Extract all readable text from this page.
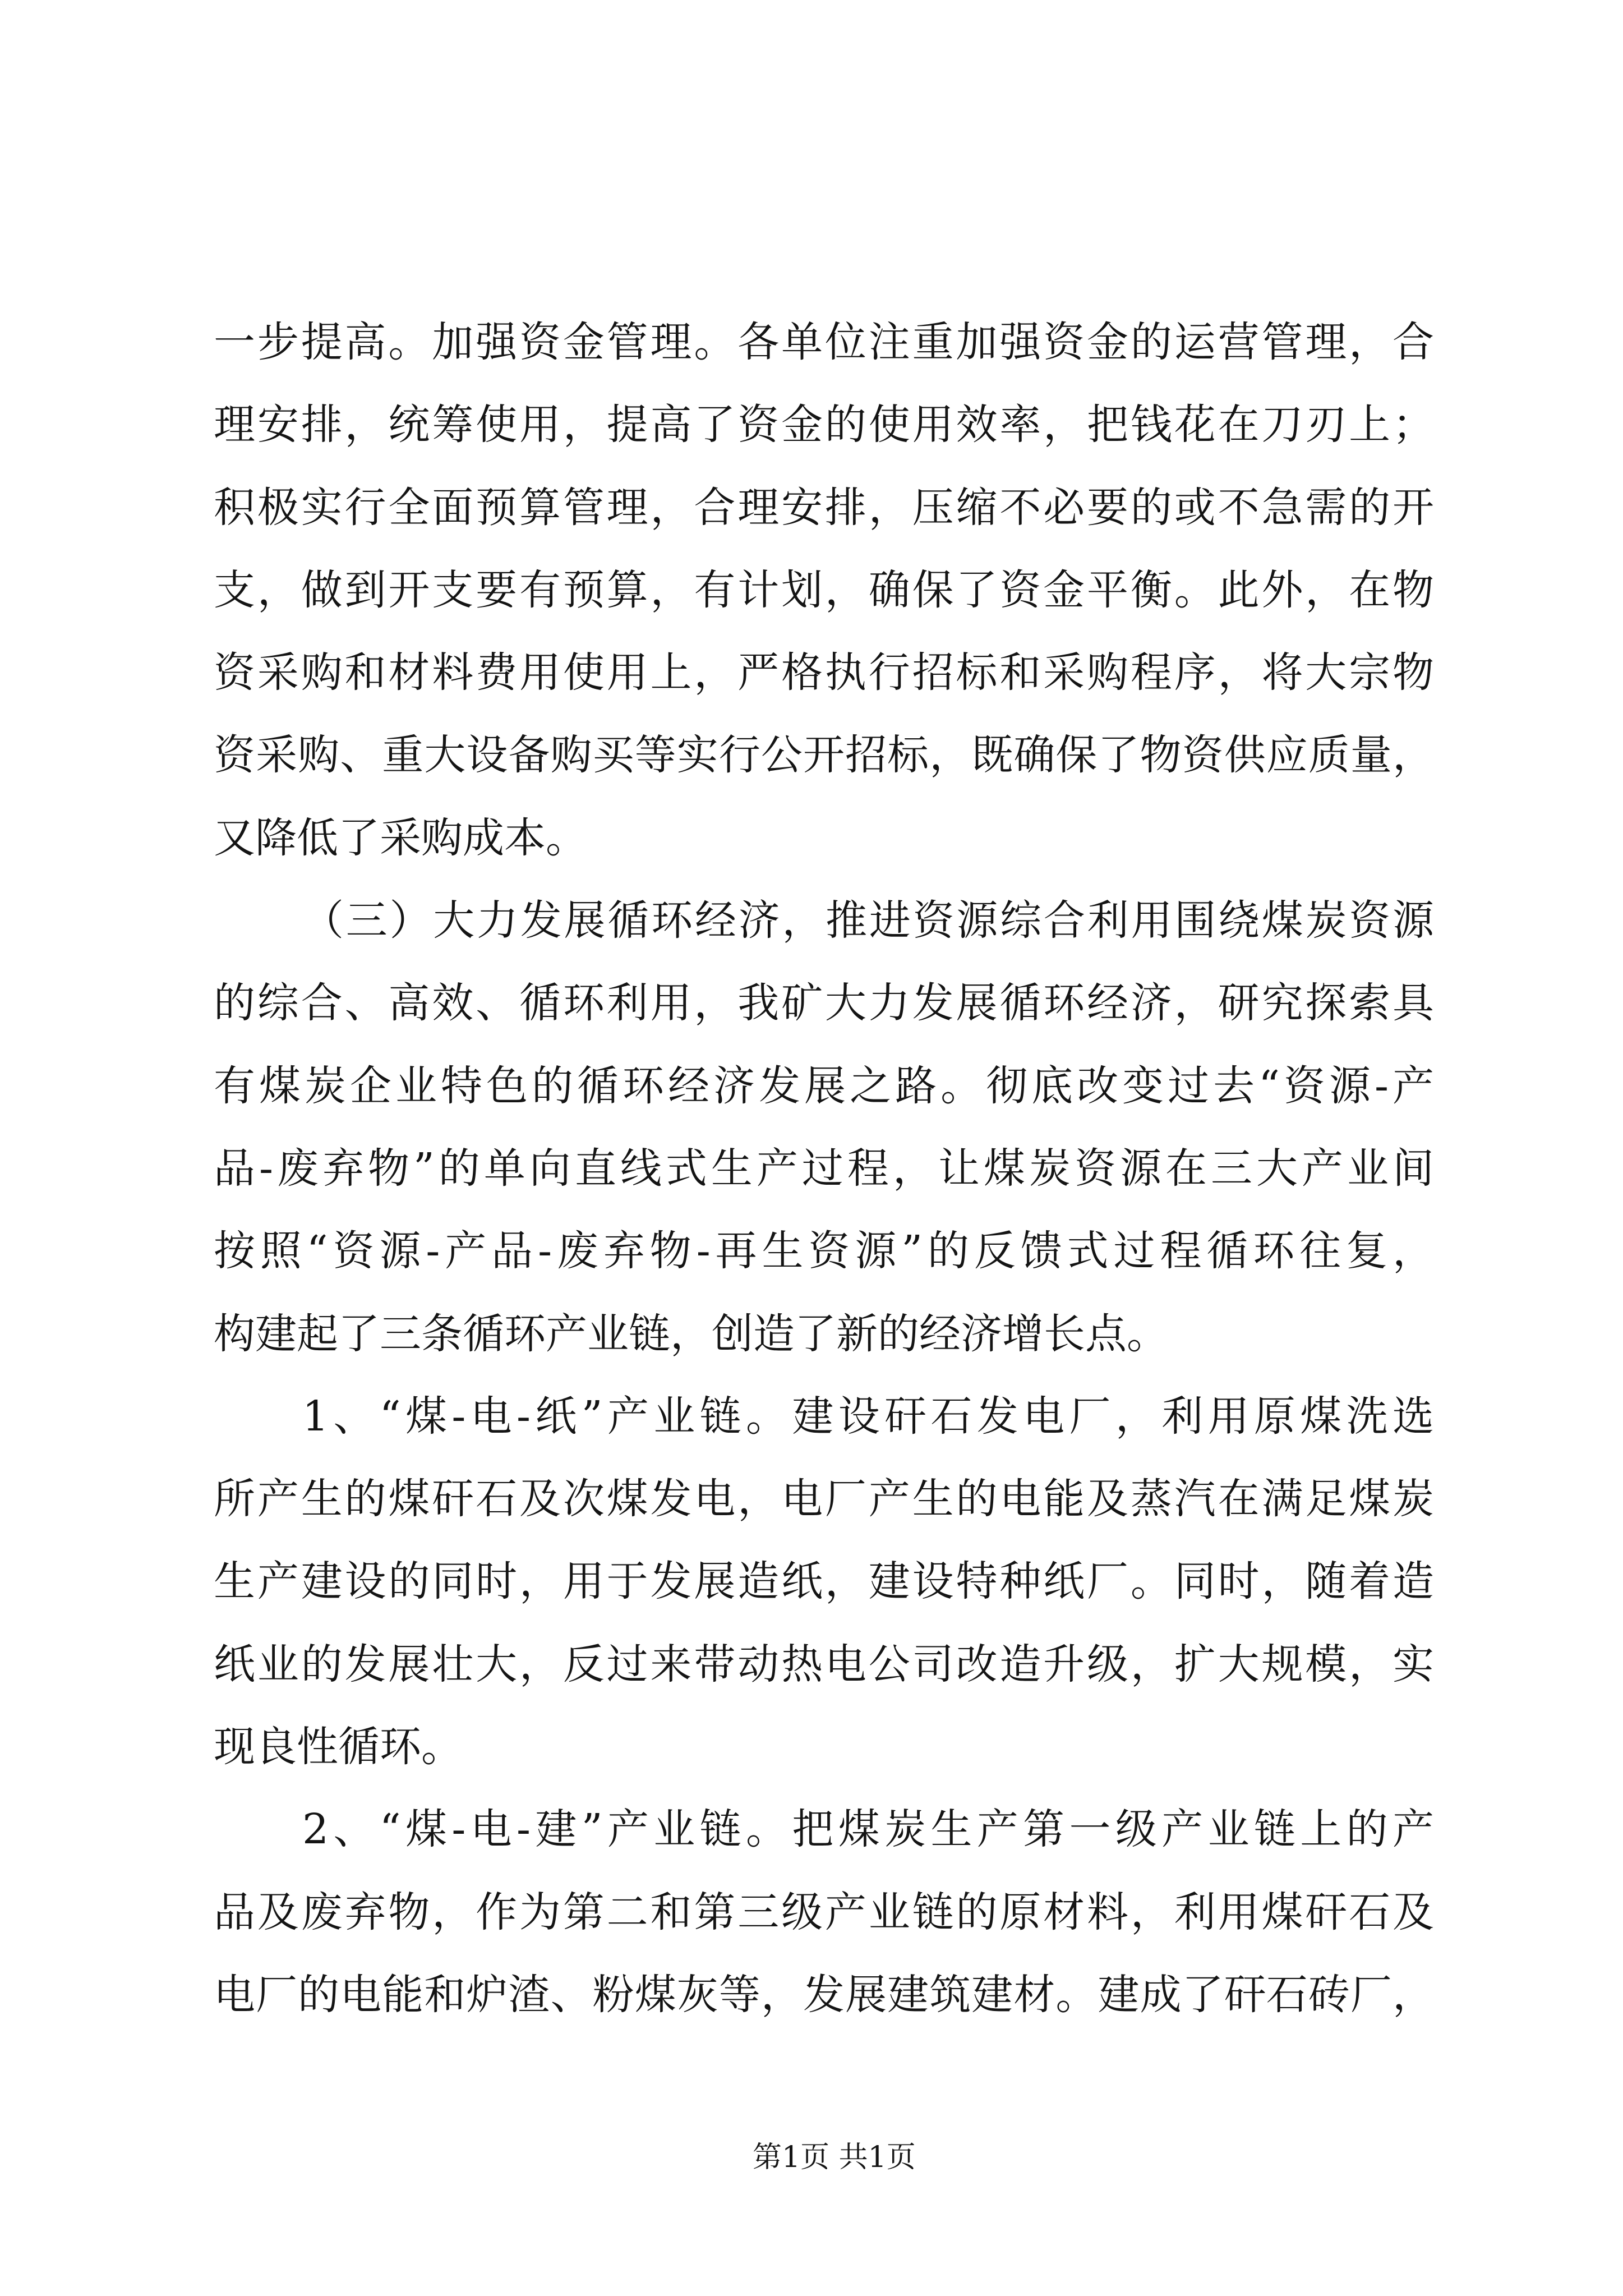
一步提高。加强资金管理。各单位注重加强资金的运营管理，合
理安排，统筹使用，提高了资金的使用效率，把钱花在刀刃上；
积极实行全面预算管理，合理安排，压缩不必要的或不急需的开
支，做到开支要有预算，有计划，确保了资金平衡。此外，在物
资采购和材料费用使用上，严格执行招标和采购程序，将大宗物
资采购、重大设备购买等实行公开招标，既确保了物资供应质量，
又降低了采购成本。
（三）大力发展循环经济，推进资源综合利用围绕煤炭资源
的综合、高效、循环利用，我矿大力发展循环经济，研究探索具
有煤炭企业特色的循环经济发展之路。彻底改变过去“资源-产
品-废弃物”的单向直线式生产过程，让煤炭资源在三大产业间
按照“资源-产品-废弃物-再生资源”的反馈式过程循环往复，
构建起了三条循环产业链，创造了新的经济增长点。
1、“煤-电-纸”产业链。建设矸石发电厂，利用原煤洗选
所产生的煤矸石及次煤发电，电厂产生的电能及蒸汽在满足煤炭
生产建设的同时，用于发展造纸，建设特种纸厂。同时，随着造
纸业的发展壮大，反过来带动热电公司改造升级，扩大规模，实
现良性循环。
2、“煤-电-建”产业链。把煤炭生产第一级产业链上的产
品及废弃物，作为第二和第三级产业链的原材料，利用煤矸石及
电厂的电能和炉渣、粉煤灰等，发展建筑建材。建成了矸石砖厂，
第1页 共1页
